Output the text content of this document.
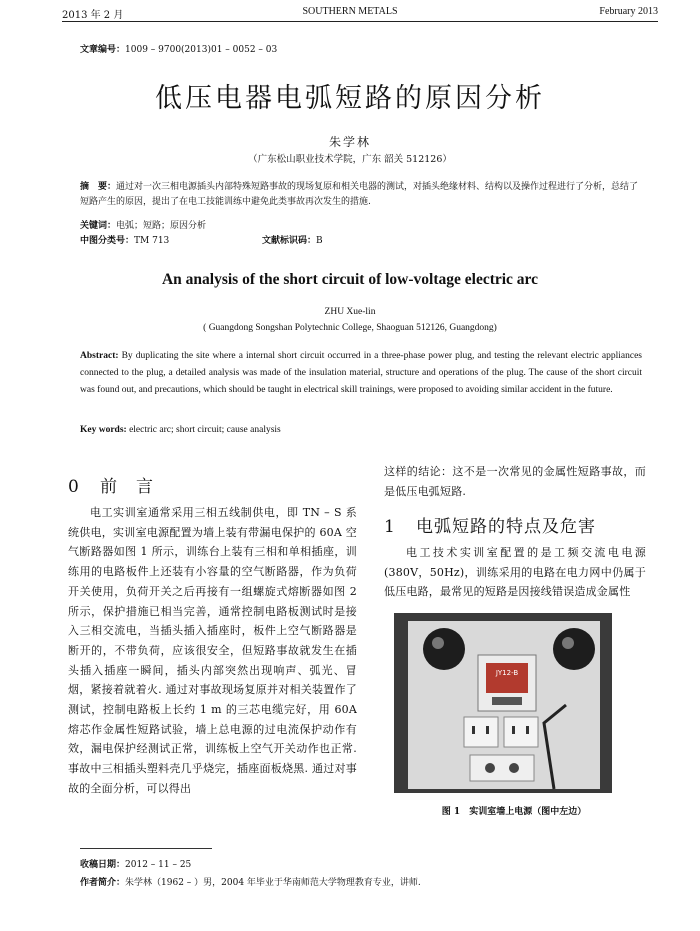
2013 年 2 月	SOUTHERN METALS	February 2013
文章编号：1009 – 9700(2013)01 – 0052 – 03
低压电器电弧短路的原因分析
朱学林
（广东松山职业技术学院，广东 韶关 512126）
摘　要：通过对一次三相电源插头内部特殊短路事故的现场复原和相关电器的测试，对插头绝缘材料、结构以及操作过程进行了分析，总结了短路产生的原因，提出了在电工技能训练中避免此类事故再次发生的措施.
关键词：电弧；短路；原因分析
中图分类号：TM 713	文献标识码：B
An analysis of the short circuit of low-voltage electric arc
ZHU Xue-lin
( Guangdong Songshan Polytechnic College, Shaoguan 512126, Guangdong)
Abstract: By duplicating the site where a internal short circuit occurred in a three-phase power plug, and testing the relevant electric appliances connected to the plug, a detailed analysis was made of the insulation material, structure and operations of the plug. The cause of the short circuit was found out, and precautions, which should be taught in electrical skill trainings, were proposed to avoiding similar accident in the future.
Key words: electric arc; short circuit; cause analysis
0 前　言

电工实训室通常采用三相五线制供电，即 TN – S 系统供电，实训室电源配置为墙上装有带漏电保护的 60A 空气断路器如图 1 所示，训练台上装有三相和单相插座，训练用的电路板件上还装有小容量的空气断路器，作为负荷开关使用，负荷开关之后再接有一组螺旋式熔断器如图 2 所示，保护措施已相当完善，通常控制电路板测试时是接入三相交流电，当插头插入插座时，板件上空气断路器是断开的，不带负荷，应该很安全，但短路事故就发生在插头插入插座一瞬间，插头内部突然出现响声、弧光、冒烟，紧接着就着火. 通过对事故现场复原并对相关装置作了测试，控制电路板上长约 1 m 的三芯电缆完好，用 60A 熔芯作金属性短路试验，墙上总电源的过电流保护动作有效，漏电保护经测试正常，训练板上空气开关动作也正常. 事故中三相插头塑料壳几乎烧完，插座面板烧黑. 通过对事故的全面分析，可以得出

这样的结论：这不是一次常见的金属性短路事故，而是低压电弧短路.

1 电弧短路的特点及危害

电工技术实训室配置的是工频交流电电源 (380V，50Hz)，训练采用的电路在电力网中仍属于低压电路，最常见的短路是因接线错误造成金属性

JY12-B
图 1　实训室墙上电源（图中左边）
收稿日期：2012 – 11 – 25
作者简介：朱学林（1962 – ）男，2004 年毕业于华南师范大学物理教育专业，讲师.
